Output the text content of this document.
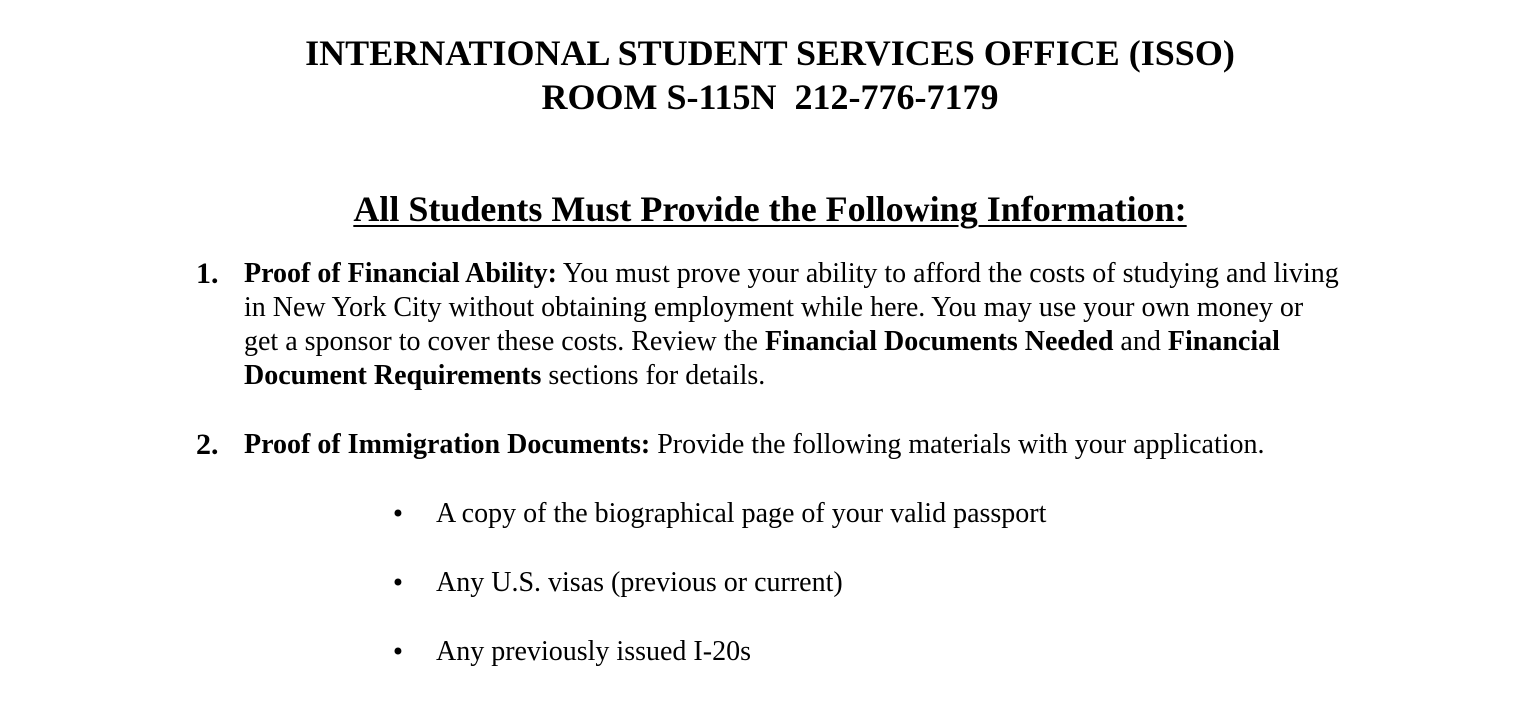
INTERNATIONAL STUDENT SERVICES OFFICE (ISSO)
ROOM S-115N  212-776-7179
All Students Must Provide the Following Information:
1. Proof of Financial Ability: You must prove your ability to afford the costs of studying and living in New York City without obtaining employment while here. You may use your own money or get a sponsor to cover these costs. Review the Financial Documents Needed and Financial Document Requirements sections for details.

2. Proof of Immigration Documents: Provide the following materials with your application.

• A copy of the biographical page of your valid passport
• Any U.S. visas (previous or current)
• Any previously issued I-20s
